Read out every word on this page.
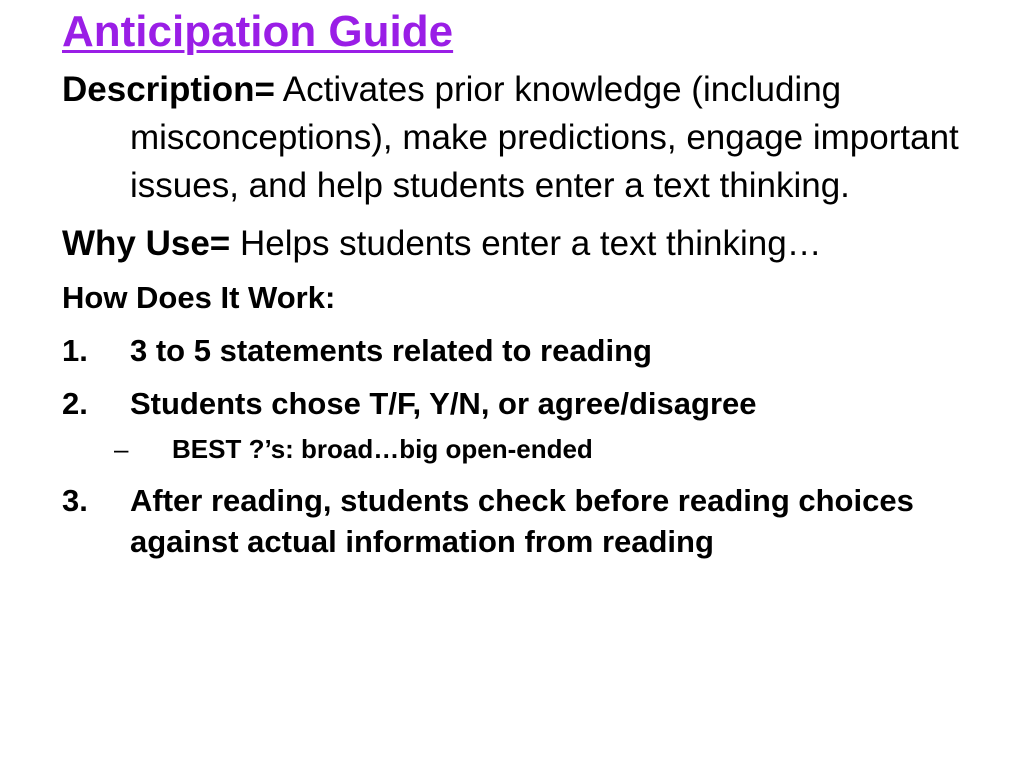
Anticipation Guide

Description= Activates prior knowledge (including misconceptions), make predictions, engage important issues, and help students enter a text thinking.

Why Use= Helps students enter a text thinking…

How Does It Work:
1. 3 to 5 statements related to reading
2. Students chose T/F, Y/N, or agree/disagree
– BEST ?’s: broad…big open-ended
3. After reading, students check before reading choices against actual information from reading
